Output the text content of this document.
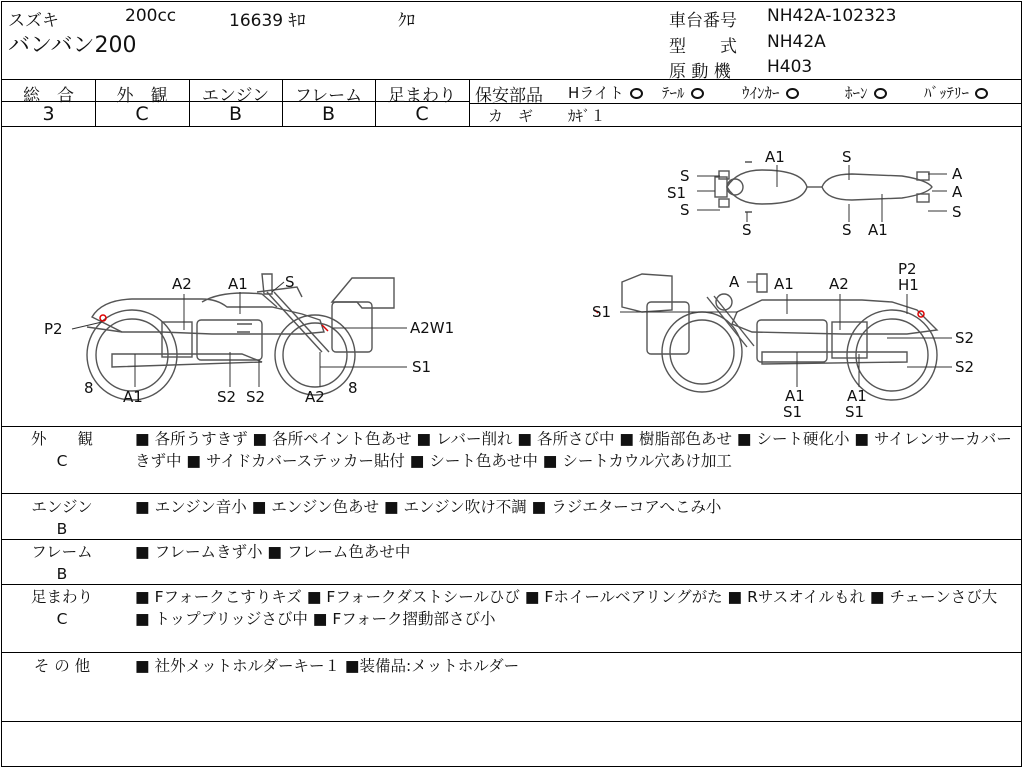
スズキ	200cc	16639 ｷﾛ	ｸﾛ
バンバン200
車台番号 NH42A-102323
型　　式 NH42A
原 動 機 H403
総　合	外　観	エンジン	フレーム	足まわり
3	C	B	B	C
保安部品 Hライト	ﾃｰﾙ	ｳｲﾝｶｰ	ﾎｰﾝ	ﾊﾞｯﾃﾘｰ
カ　ギ ｶｷﾞ１
A1	S
S
S1
S
S	S A1
A
A
S
A2 A1 S
P2	A2W1
S1
8 A1	S2 S2	A2 8
A A1 A2
P2
H1
S1
S2
S2
A1
S1
A1
S1
外　　観
C
■ 各所うすきず ■ 各所ペイント色あせ ■ レバー削れ ■ 各所さび中 ■ 樹脂部色あせ ■ シート硬化小 ■ サイレンサーカバーきず中 ■ サイドカバーステッカー貼付 ■ シート色あせ中 ■ シートカウル穴あけ加工
エンジン
B
■ エンジン音小 ■ エンジン色あせ ■ エンジン吹け不調 ■ ラジエターコアへこみ小
フレーム
B
■ フレームきず小 ■ フレーム色あせ中
足まわり
C
■ Fフォークこすりキズ ■ Fフォークダストシールひび ■ Fホイールベアリングがた ■ Rサスオイルもれ ■ チェーンさび大 ■ トップブリッジさび中 ■ Fフォーク摺動部さび小
そ の 他	■ 社外メットホルダーキー１ ■装備品:メットホルダー
